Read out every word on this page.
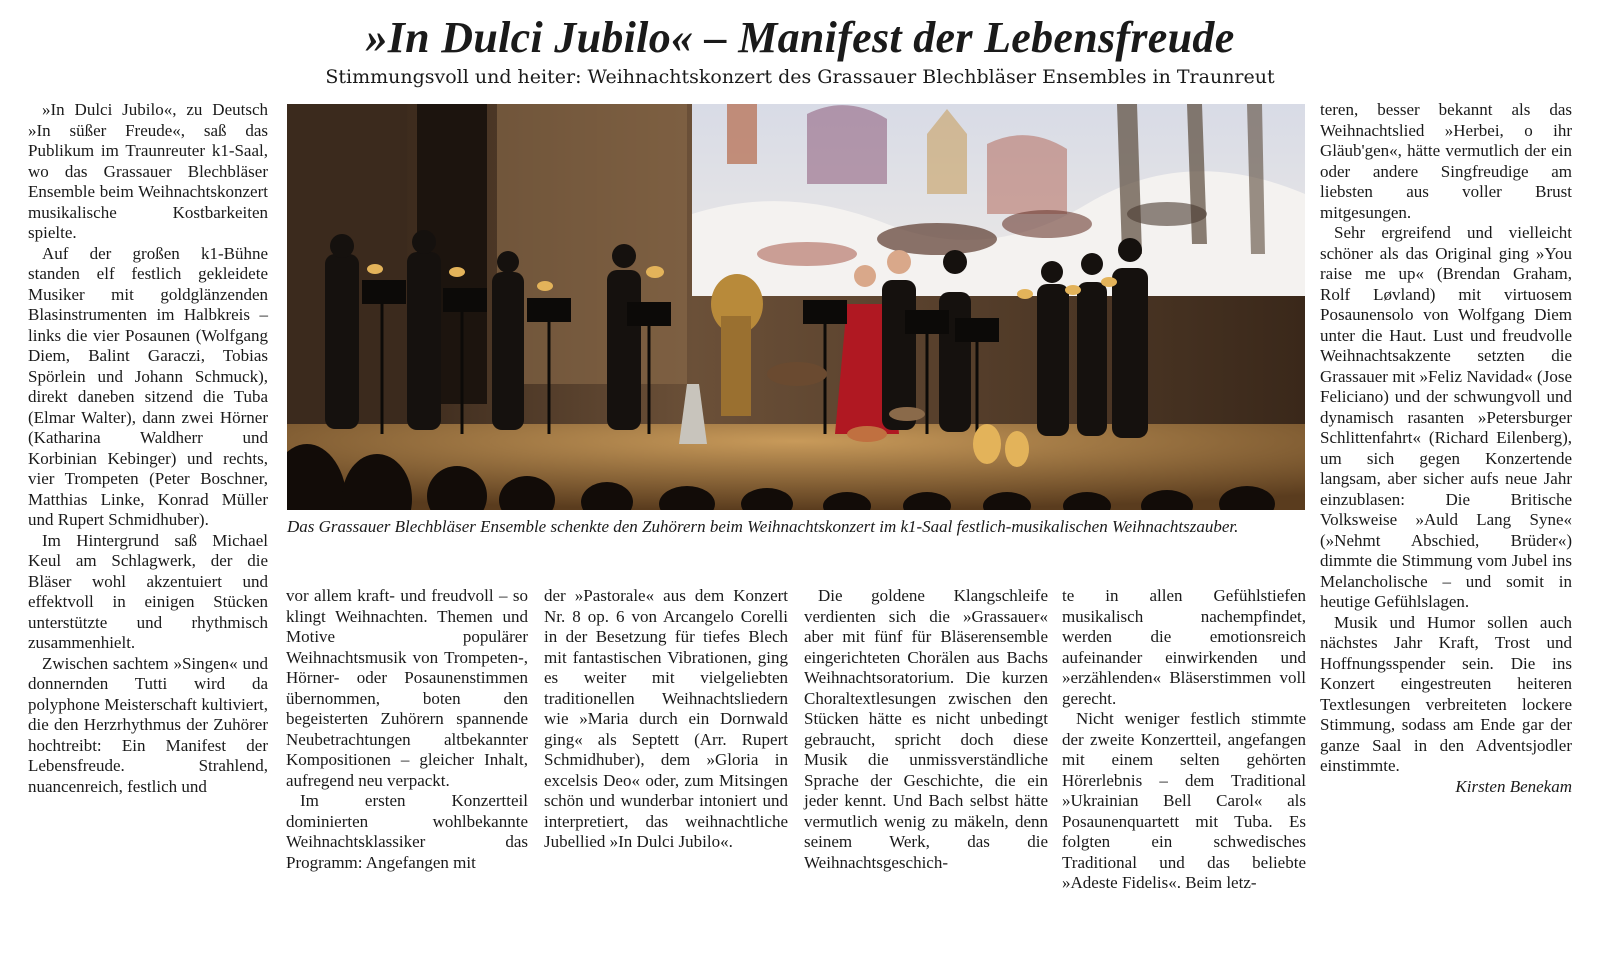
»In Dulci Jubilo« – Manifest der Lebensfreude
Stimmungsvoll und heiter: Weihnachtskonzert des Grassauer Blechbläser Ensembles in Traunreut

»In Dulci Jubilo«, zu Deutsch »In süßer Freude«, saß das Publikum im Traunreuter k1-Saal, wo das Grassauer Blechbläser Ensemble beim Weihnachtskonzert musikalische Kostbarkeiten spielte.

Auf der großen k1-Bühne standen elf festlich gekleidete Musiker mit goldglänzenden Blasinstrumenten im Halbkreis – links die vier Posaunen (Wolfgang Diem, Balint Garaczi, Tobias Spörlein und Johann Schmuck), direkt daneben sitzend die Tuba (Elmar Walter), dann zwei Hörner (Katharina Waldherr und Korbinian Kebinger) und rechts, vier Trompeten (Peter Boschner, Matthias Linke, Konrad Müller und Rupert Schmidhuber).

Im Hintergrund saß Michael Keul am Schlagwerk, der die Bläser wohl akzentuiert und effektvoll in einigen Stücken unterstützte und rhythmisch zusammenhielt.

Zwischen sachtem »Singen« und donnernden Tutti wird da polyphone Meisterschaft kultiviert, die den Herzrhythmus der Zuhörer hochtreibt: Ein Manifest der Lebensfreude. Strahlend, nuancenreich, festlich und

Das Grassauer Blechbläser Ensemble schenkte den Zuhörern beim Weihnachtskonzert im k1-Saal festlich-musikalischen Weihnachtszauber.

vor allem kraft- und freudvoll – so klingt Weihnachten. Themen und Motive populärer Weihnachtsmusik von Trompeten-, Hörner- oder Posaunenstimmen übernommen, boten den begeisterten Zuhörern spannende Neubetrachtungen altbekannter Kompositionen – gleicher Inhalt, aufregend neu verpackt.

Im ersten Konzertteil dominierten wohlbekannte Weihnachtsklassiker das Programm: Angefangen mit

der »Pastorale« aus dem Konzert Nr. 8 op. 6 von Arcangelo Corelli in der Besetzung für tiefes Blech mit fantastischen Vibrationen, ging es weiter mit vielgeliebten traditionellen Weihnachtsliedern wie »Maria durch ein Dornwald ging« als Septett (Arr. Rupert Schmidhuber), dem »Gloria in excelsis Deo« oder, zum Mitsingen schön und wunderbar intoniert und interpretiert, das weihnachtliche Jubellied »In Dulci Jubilo«.

Die goldene Klangschleife verdienten sich die »Grassauer« aber mit fünf für Bläserensemble eingerichteten Chorälen aus Bachs Weihnachtsoratorium. Die kurzen Choraltextlesungen zwischen den Stücken hätte es nicht unbedingt gebraucht, spricht doch diese Musik die unmissverständliche Sprache der Geschichte, die ein jeder kennt. Und Bach selbst hätte vermutlich wenig zu mäkeln, denn seinem Werk, das die Weihnachtsgeschich-

te in allen Gefühlstiefen musikalisch nachempfindet, werden die emotionsreich aufeinander einwirkenden und »erzählenden« Bläserstimmen voll gerecht.

Nicht weniger festlich stimmte der zweite Konzertteil, angefangen mit einem selten gehörten Hörerlebnis – dem Traditional »Ukrainian Bell Carol« als Posaunenquartett mit Tuba. Es folgten ein schwedisches Traditional und das beliebte »Adeste Fidelis«. Beim letz-

teren, besser bekannt als das Weihnachtslied »Herbei, o ihr Gläub'gen«, hätte vermutlich der ein oder andere Singfreudige am liebsten aus voller Brust mitgesungen.

Sehr ergreifend und vielleicht schöner als das Original ging »You raise me up« (Brendan Graham, Rolf Løvland) mit virtuosem Posaunensolo von Wolfgang Diem unter die Haut. Lust und freudvolle Weihnachtsakzente setzten die Grassauer mit »Feliz Navidad« (Jose Feliciano) und der schwungvoll und dynamisch rasanten »Petersburger Schlittenfahrt« (Richard Eilenberg), um sich gegen Konzertende langsam, aber sicher aufs neue Jahr einzublasen: Die Britische Volksweise »Auld Lang Syne« (»Nehmt Abschied, Brüder«) dimmte die Stimmung vom Jubel ins Melancholische – und somit in heutige Gefühlslagen.

Musik und Humor sollen auch nächstes Jahr Kraft, Trost und Hoffnungsspender sein. Die ins Konzert eingestreuten heiteren Textlesungen verbreiteten lockere Stimmung, sodass am Ende gar der ganze Saal in den Adventsjodler einstimmte.

Kirsten Benekam
